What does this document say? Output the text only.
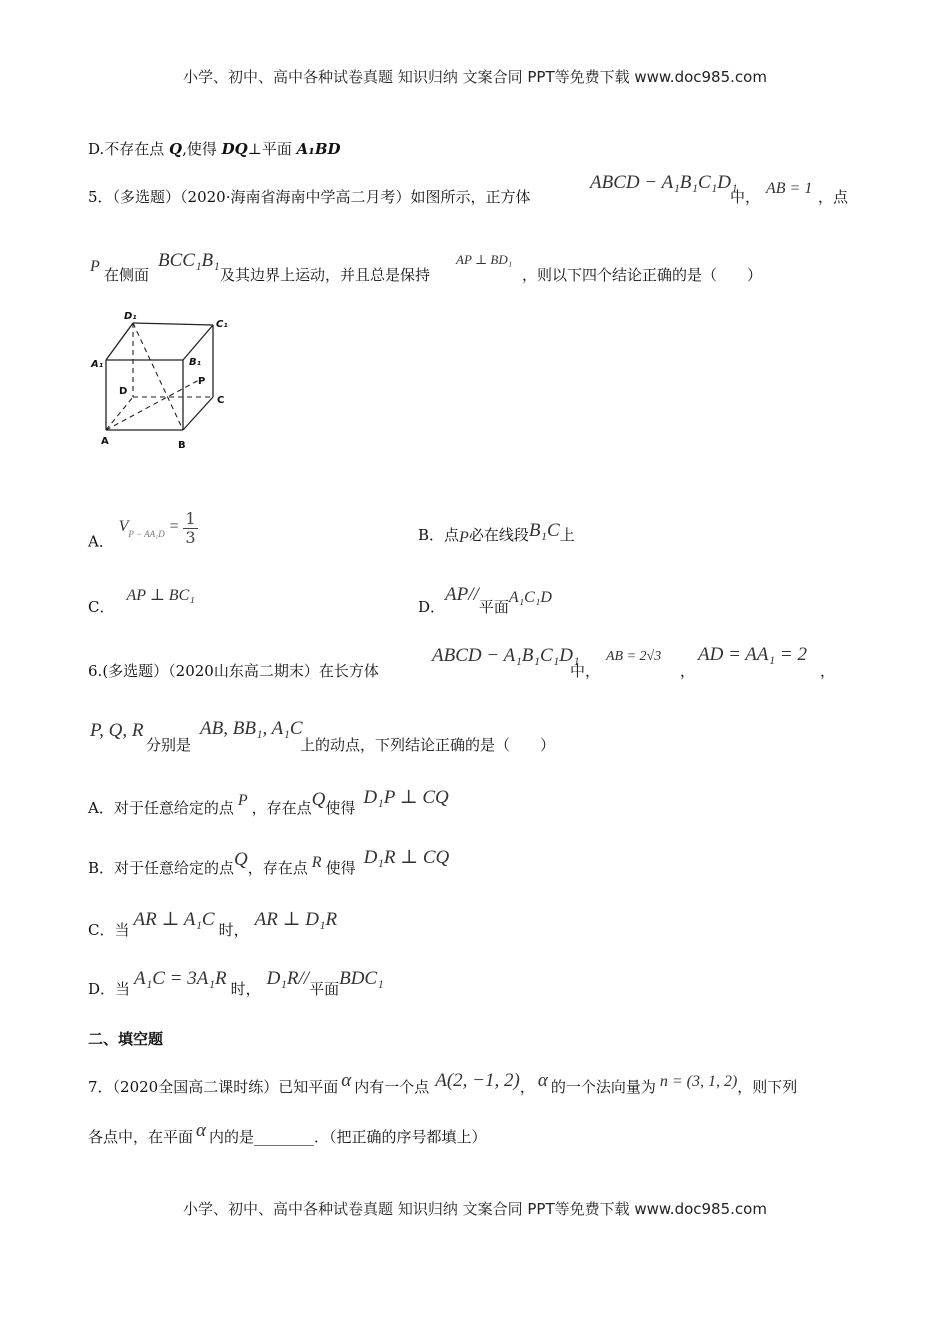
小学、初中、高中各种试卷真题 知识归纳 文案合同 PPT等免费下载 www.doc985.com
D.不存在点 Q,使得 DQ⊥平面 A₁BD
5．（多选题）（2020·海南省海南中学高二月考）如图所示，正方体
ABCD − A₁B₁C₁D₁
中， AB = 1 ，点
P 在侧面
BCC₁B₁
及其边界上运动，并且总是保持
AP ⊥ BD₁
，则以下四个结论正确的是（　　）
D₁
C₁
A₁	B₁
D
P
C
A	B
A． $V^{P - AA_1D} = \frac{1}{3}$	B．点P必在线段B₁C上
C．AP ⊥ BC₁
D．AP//平面A₁C₁D
6.(多选题）（2020山东高二期末）在长方体
ABCD − A₁B₁C₁D₁
中，
AB = 2√3
，
AD = AA₁ = 2
，
P, Q, R
分别是
AB, BB₁, A₁C
上的动点，下列结论正确的是（　　）
A．对于任意给定的点 P ，存在点Q使得 D₁P ⊥ CQ
B．对于任意给定的点Q，存在点 R 使得 D₁R ⊥ CQ
C．当 AR ⊥ A₁C 时， AR ⊥ D₁R
D．当 A₁C = 3A₁R 时， D₁R//平面BDC₁
二、填空题
7．（2020全国高二课时练）已知平面 α 内有一个点 A(2, −1, 2)， α 的一个法向量为 n = (3, 1, 2)，则下列
各点中，在平面 α 内的是________．（把正确的序号都填上）
小学、初中、高中各种试卷真题 知识归纳 文案合同 PPT等免费下载 www.doc985.com
